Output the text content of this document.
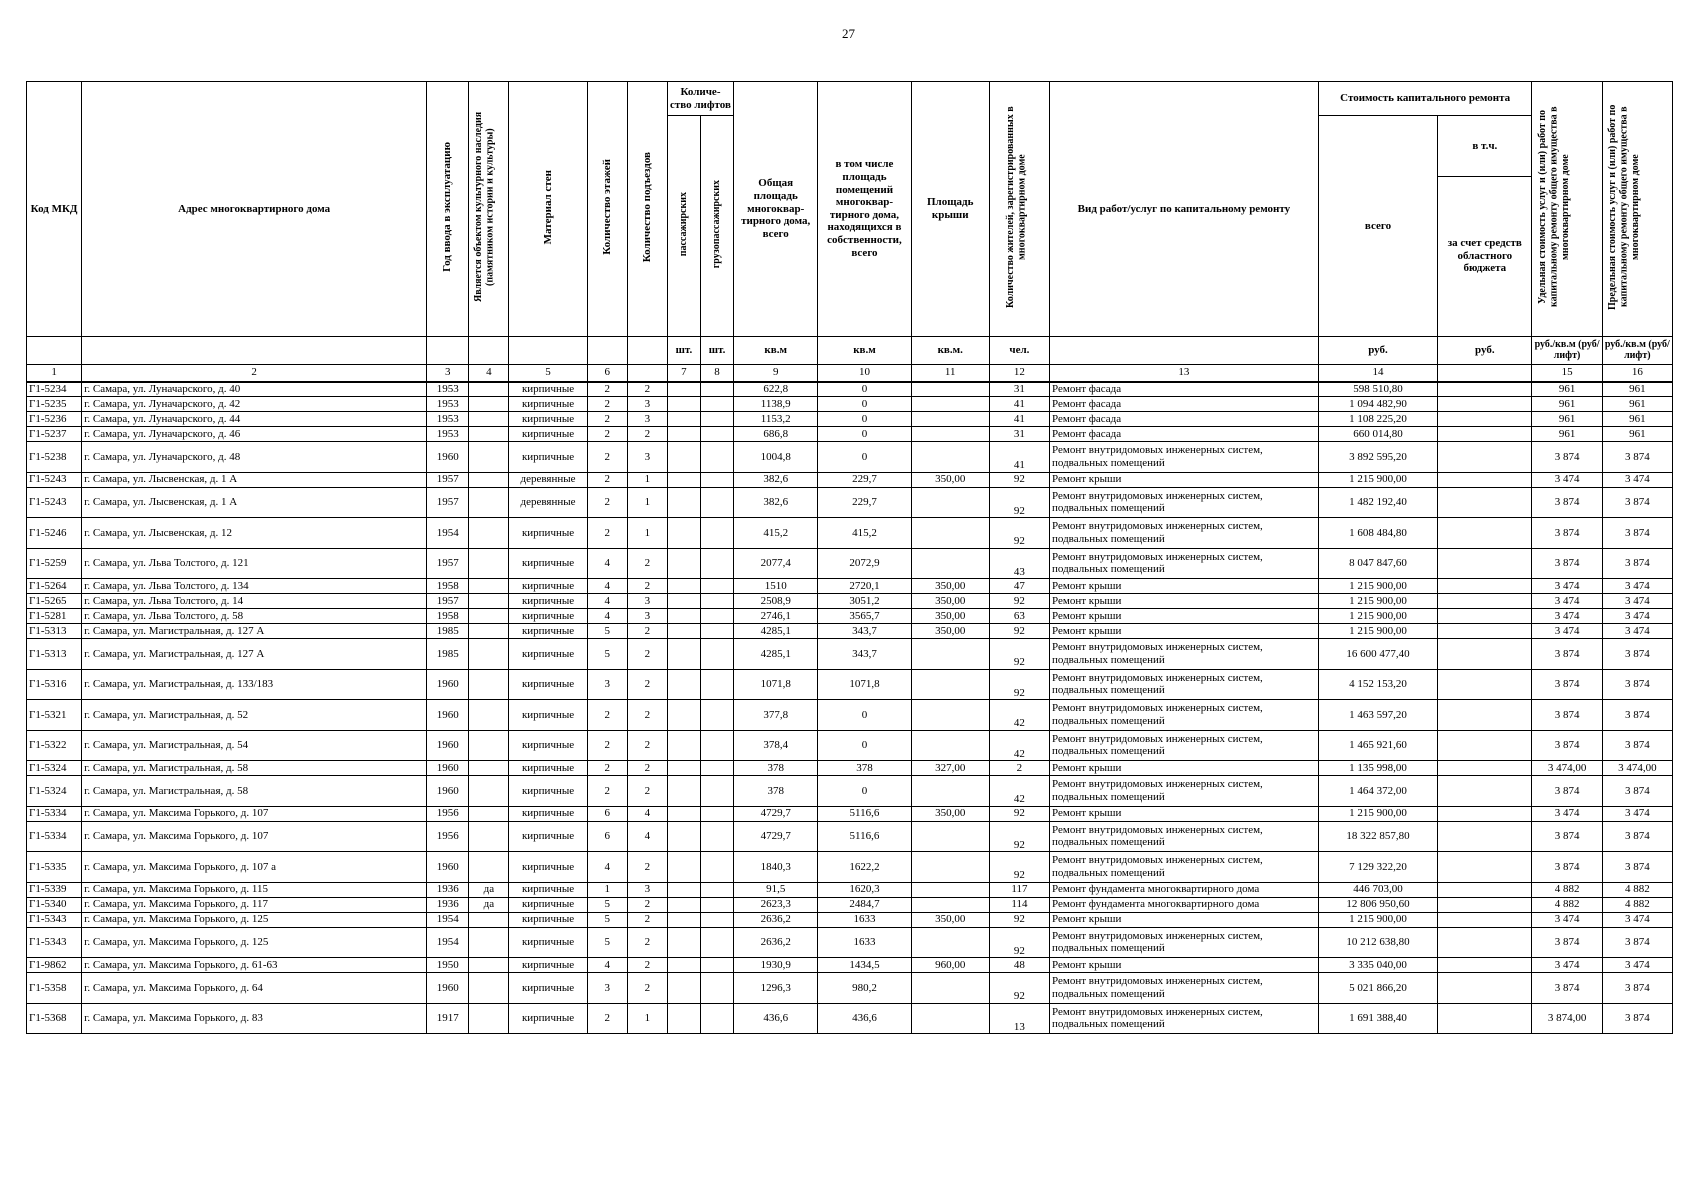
27
Код МКД	Адрес многоквартирного дома	Год ввода в эксплуатацию	Является объектом культурного наследия (памятником истории и культуры)	Материал стен	Количество этажей	Количество подъездов	Количе-ство лифтов		Общая площадь многоквар-тирного дома, всего	в том числе площадь помещений многоквар-тирного дома, находящихся в собственности, всего	Площадь крыши	Количество жителей, зарегистрированных в многоквартирном доме	Вид работ/услуг по капитальному ремонту	Стоимость капитального ремонта		Удельная стоимость услуг и (или) работ по капитальному ремонту общего имущества в многоквартирном доме	Предельная стоимость услуг и (или) работ по капитальному ремонту общего имущества в многоквартирном доме
							пассажирских	грузопассажирских						всего	в т.ч.		
															за счет средств областного бюджета		
							шт.	шт.	кв.м	кв.м	кв.м.	чел.		руб.	руб.	руб./кв.м (руб/лифт)	руб./кв.м (руб/лифт)
1	2	3	4	5	6		7	8	9	10	11	12	13	14		15	16
Г1-5234	г. Самара, ул. Луначарского, д. 40	1953		кирпичные	2	2			622,8	0		31	Ремонт фасада	598 510,80		961	961
Г1-5235	г. Самара, ул. Луначарского, д. 42	1953		кирпичные	2	3			1138,9	0		41	Ремонт фасада	1 094 482,90		961	961
Г1-5236	г. Самара, ул. Луначарского, д. 44	1953		кирпичные	2	3			1153,2	0		41	Ремонт фасада	1 108 225,20		961	961
Г1-5237	г. Самара, ул. Луначарского, д. 46	1953		кирпичные	2	2			686,8	0		31	Ремонт фасада	660 014,80		961	961
Г1-5238	г. Самара, ул. Луначарского, д. 48	1960		кирпичные	2	3			1004,8	0		41	Ремонт внутридомовых инженерных систем, подвальных помещений	3 892 595,20		3 874	3 874
Г1-5243	г. Самара, ул. Лысвенская, д. 1 А	1957		деревянные	2	1			382,6	229,7	350,00	92	Ремонт крыши	1 215 900,00		3 474	3 474
Г1-5243	г. Самара, ул. Лысвенская, д. 1 А	1957		деревянные	2	1			382,6	229,7		92	Ремонт внутридомовых инженерных систем, подвальных помещений	1 482 192,40		3 874	3 874
Г1-5246	г. Самара, ул. Лысвенская, д. 12	1954		кирпичные	2	1			415,2	415,2		92	Ремонт внутридомовых инженерных систем, подвальных помещений	1 608 484,80		3 874	3 874
Г1-5259	г. Самара, ул. Льва Толстого, д. 121	1957		кирпичные	4	2			2077,4	2072,9		43	Ремонт внутридомовых инженерных систем, подвальных помещений	8 047 847,60		3 874	3 874
Г1-5264	г. Самара, ул. Льва Толстого, д. 134	1958		кирпичные	4	2			1510	2720,1	350,00	47	Ремонт крыши	1 215 900,00		3 474	3 474
Г1-5265	г. Самара, ул. Льва Толстого, д. 14	1957		кирпичные	4	3			2508,9	3051,2	350,00	92	Ремонт крыши	1 215 900,00		3 474	3 474
Г1-5281	г. Самара, ул. Льва Толстого, д. 58	1958		кирпичные	4	3			2746,1	3565,7	350,00	63	Ремонт крыши	1 215 900,00		3 474	3 474
Г1-5313	г. Самара, ул. Магистральная, д. 127 А	1985		кирпичные	5	2			4285,1	343,7	350,00	92	Ремонт крыши	1 215 900,00		3 474	3 474
Г1-5313	г. Самара, ул. Магистральная, д. 127 А	1985		кирпичные	5	2			4285,1	343,7		92	Ремонт внутридомовых инженерных систем, подвальных помещений	16 600 477,40		3 874	3 874
Г1-5316	г. Самара, ул. Магистральная, д. 133/183	1960		кирпичные	3	2			1071,8	1071,8		92	Ремонт внутридомовых инженерных систем, подвальных помещений	4 152 153,20		3 874	3 874
Г1-5321	г. Самара, ул. Магистральная, д. 52	1960		кирпичные	2	2			377,8	0		42	Ремонт внутридомовых инженерных систем, подвальных помещений	1 463 597,20		3 874	3 874
Г1-5322	г. Самара, ул. Магистральная, д. 54	1960		кирпичные	2	2			378,4	0		42	Ремонт внутридомовых инженерных систем, подвальных помещений	1 465 921,60		3 874	3 874
Г1-5324	г. Самара, ул. Магистральная, д. 58	1960		кирпичные	2	2			378	378	327,00	2	Ремонт крыши	1 135 998,00		3 474,00	3 474,00
Г1-5324	г. Самара, ул. Магистральная, д. 58	1960		кирпичные	2	2			378	0		42	Ремонт внутридомовых инженерных систем, подвальных помещений	1 464 372,00		3 874	3 874
Г1-5334	г. Самара, ул. Максима Горького, д. 107	1956		кирпичные	6	4			4729,7	5116,6	350,00	92	Ремонт крыши	1 215 900,00		3 474	3 474
Г1-5334	г. Самара, ул. Максима Горького, д. 107	1956		кирпичные	6	4			4729,7	5116,6		92	Ремонт внутридомовых инженерных систем, подвальных помещений	18 322 857,80		3 874	3 874
Г1-5335	г. Самара, ул. Максима Горького, д. 107 а	1960		кирпичные	4	2			1840,3	1622,2		92	Ремонт внутридомовых инженерных систем, подвальных помещений	7 129 322,20		3 874	3 874
Г1-5339	г. Самара, ул. Максима Горького, д. 115	1936	да	кирпичные	1	3			91,5	1620,3		117	Ремонт фундамента многоквартирного дома	446 703,00		4 882	4 882
Г1-5340	г. Самара, ул. Максима Горького, д. 117	1936	да	кирпичные	5	2			2623,3	2484,7		114	Ремонт фундамента многоквартирного дома	12 806 950,60		4 882	4 882
Г1-5343	г. Самара, ул. Максима Горького, д. 125	1954		кирпичные	5	2			2636,2	1633	350,00	92	Ремонт крыши	1 215 900,00		3 474	3 474
Г1-5343	г. Самара, ул. Максима Горького, д. 125	1954		кирпичные	5	2			2636,2	1633		92	Ремонт внутридомовых инженерных систем, подвальных помещений	10 212 638,80		3 874	3 874
Г1-9862	г. Самара, ул. Максима Горького, д. 61-63	1950		кирпичные	4	2			1930,9	1434,5	960,00	48	Ремонт крыши	3 335 040,00		3 474	3 474
Г1-5358	г. Самара, ул. Максима Горького, д. 64	1960		кирпичные	3	2			1296,3	980,2		92	Ремонт внутридомовых инженерных систем, подвальных помещений	5 021 866,20		3 874	3 874
Г1-5368	г. Самара, ул. Максима Горького, д. 83	1917		кирпичные	2	1			436,6	436,6		13	Ремонт внутридомовых инженерных систем, подвальных помещений	1 691 388,40		3 874,00	3 874
